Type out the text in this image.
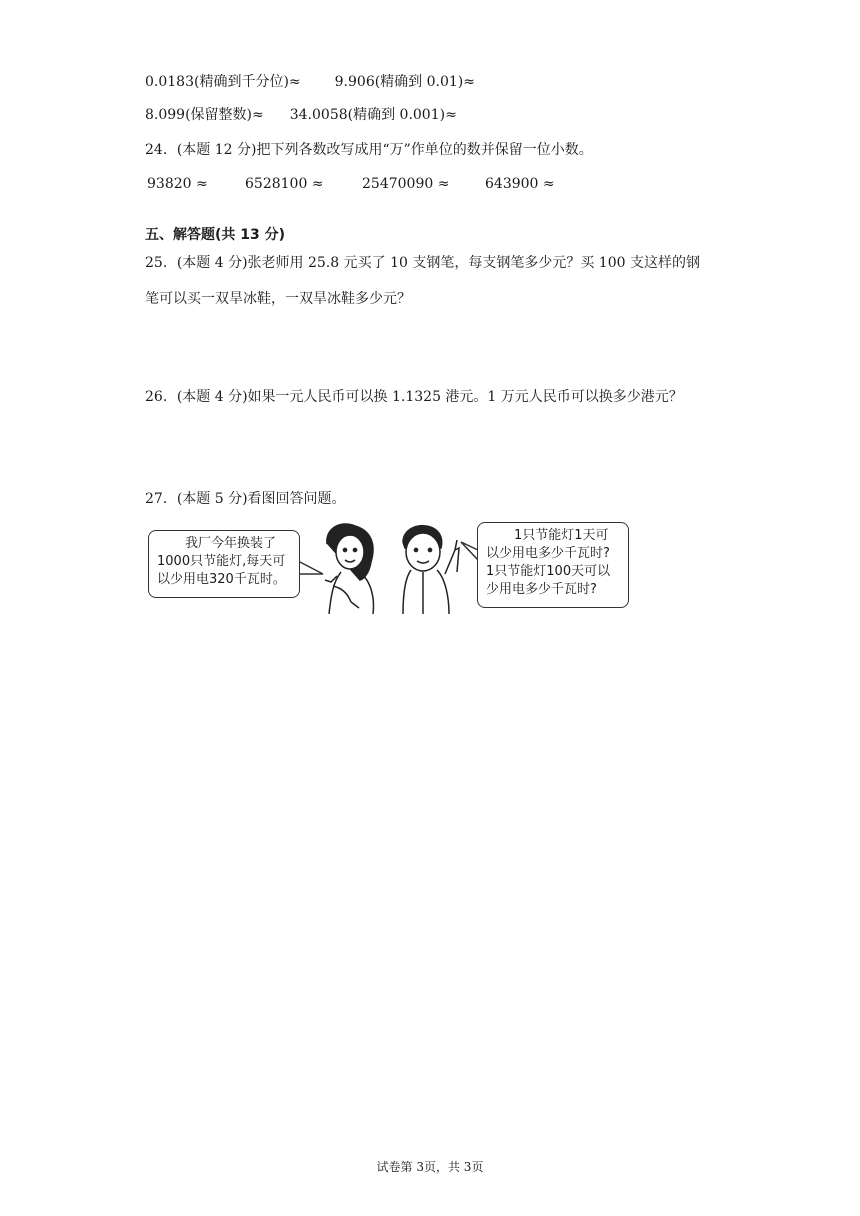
0.0183(精确到千分位)≈ 9.906(精确到 0.01)≈
8.099(保留整数)≈ 34.0058(精确到 0.001)≈
24．(本题 12 分)把下列各数改写成用“万”作单位的数并保留一位小数。
93820 ≈	6528100 ≈	25470090 ≈	643900 ≈
五、解答题(共 13 分)
25．(本题 4 分)张老师用 25.8 元买了 10 支钢笔，每支钢笔多少元？买 100 支这样的钢
笔可以买一双旱冰鞋，一双旱冰鞋多少元？
26．(本题 4 分)如果一元人民币可以换 1.1325 港元。1 万元人民币可以换多少港元？
27．(本题 5 分)看图回答问题。
我厂今年换装了
1000只节能灯,每天可
以少用电320千瓦时。
1只节能灯1天可
以少用电多少千瓦时?
1只节能灯100天可以
少用电多少千瓦时?
试卷第 3页，共 3页
